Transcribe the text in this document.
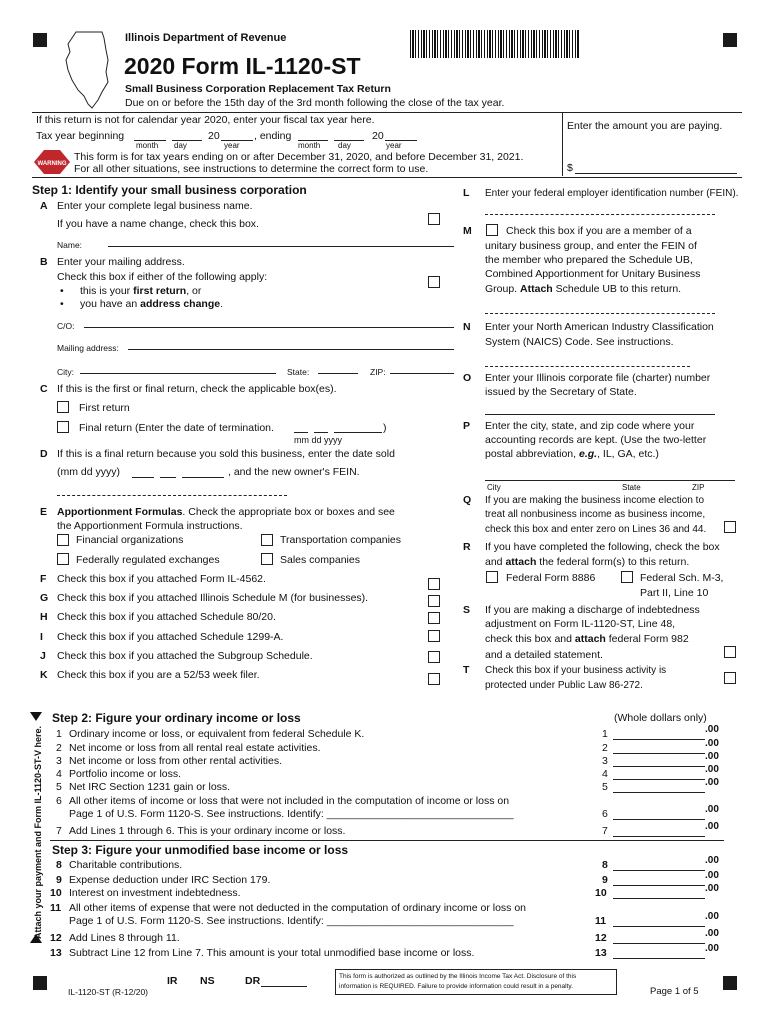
Illinois Department of Revenue
2020 Form IL-1120-ST
Small Business Corporation Replacement Tax Return
Due on or before the 15th day of the 3rd month following the close of the tax year.
If this return is not for calendar year 2020, enter your fiscal tax year here.
Tax year beginning	20	, ending	20
month day	year	month day	year
WARNING
This form is for tax years ending on or after December 31, 2020, and before December 31, 2021.
For all other situations, see instructions to determine the correct form to use.
Enter the amount you are paying.
$
Step 1: Identify your small business corporation
A Enter your complete legal business name.
If you have a name change, check this box.
Name:
B Enter your mailing address.
Check this box if either of the following apply:
• this is your first return, or
• you have an address change.
C/O:
Mailing address:
City:	State:	ZIP:
C If this is the first or final return, check the applicable box(es).
First return
Final return (Enter the date of termination.	)
mm dd yyyy
D If this is a final return because you sold this business, enter the date sold
(mm dd yyyy)	, and the new owner's FEIN.
E Apportionment Formulas. Check the appropriate box or boxes and see
the Apportionment Formula instructions.
Financial organizations	Transportation companies
Federally regulated exchanges	Sales companies
F Check this box if you attached Form IL-4562.
G Check this box if you attached Illinois Schedule M (for businesses).
H Check this box if you attached Schedule 80/20.
I Check this box if you attached Schedule 1299-A.
J Check this box if you attached the Subgroup Schedule.
K Check this box if you are a 52/53 week filer.
L Enter your federal employer identification number (FEIN).
M	Check this box if you are a member of a
unitary business group, and enter the FEIN of
the member who prepared the Schedule UB,
Combined Apportionment for Unitary Business
Group. Attach Schedule UB to this return.
N Enter your North American Industry Classification
System (NAICS) Code. See instructions.
O Enter your Illinois corporate file (charter) number
issued by the Secretary of State.
P Enter the city, state, and zip code where your
accounting records are kept. (Use the two-letter
postal abbreviation, e.g., IL, GA, etc.)
City	State	ZIP
Q If you are making the business income election to
treat all nonbusiness income as business income,
check this box and enter zero on Lines 36 and 44.
R If you have completed the following, check the box
and attach the federal form(s) to this return.
Federal Form 8886	Federal Sch. M-3,
Part II, Line 10
S If you are making a discharge of indebtedness
adjustment on Form IL-1120-ST, Line 48,
check this box and attach federal Form 982
and a detailed statement.
T Check this box if your business activity is
protected under Public Law 86-272.
Attach your payment and Form IL-1120-ST-V here.
Step 2: Figure your ordinary income or loss	(Whole dollars only)
1 Ordinary income or loss, or equivalent from federal Schedule K.	1	.00
2 Net income or loss from all rental real estate activities.	2	.00
3 Net income or loss from other rental activities.	3	.00
4 Portfolio income or loss.	4	.00
5 Net IRC Section 1231 gain or loss.	5	.00
6 All other items of income or loss that were not included in the computation of income or loss on
Page 1 of U.S. Form 1120-S. See instructions. Identify: ________________________________	6	.00
7 Add Lines 1 through 6. This is your ordinary income or loss.	7	.00
Step 3: Figure your unmodified base income or loss
8 Charitable contributions.	8	.00
9 Expense deduction under IRC Section 179.	9	.00
10 Interest on investment indebtedness.	10	.00
11 All other items of expense that were not deducted in the computation of ordinary income or loss on
Page 1 of U.S. Form 1120-S. See instructions. Identify: ________________________________	11	.00
12 Add Lines 8 through 11.	12	.00
13 Subtract Line 12 from Line 7. This amount is your total unmodified base income or loss.	13	.00
IL-1120-ST (R-12/20)
IR NS	DR	This form is authorized as outlined by the Illinois Income Tax Act. Disclosure of this
information is REQUIRED. Failure to provide information could result in a penalty.	Page 1 of 5
